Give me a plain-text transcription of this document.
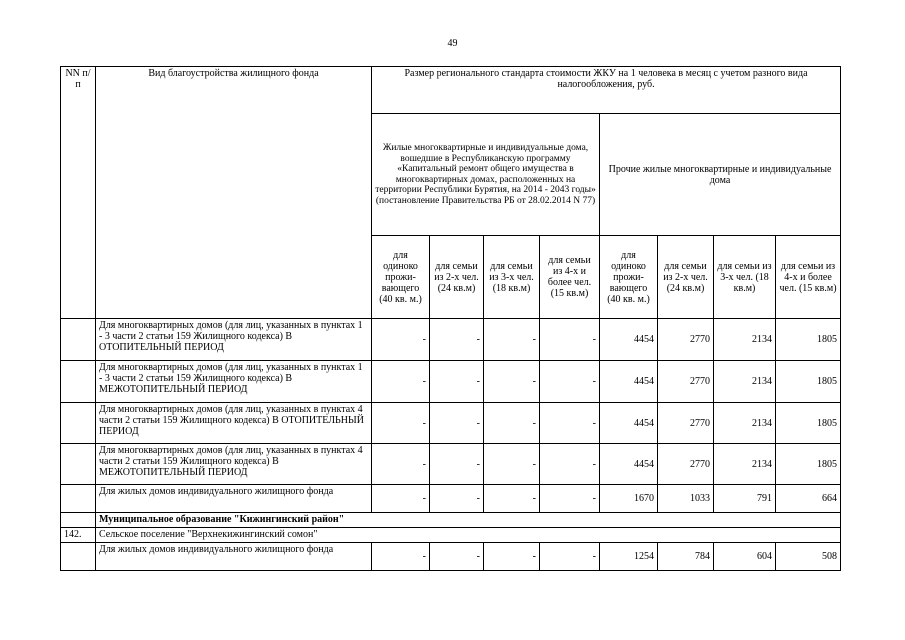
49
NN п/п	Вид благоустройства жилищного фонда	Размер регионального стандарта стоимости ЖКУ на 1 человека в месяц с учетом разного вида налогообложения, руб.							
		Жилые многоквартирные и индивидуальные дома, вошедшие в Республиканскую программу «Капитальный ремонт общего имущества в многоквартирных домах, расположенных на территории Республики Бурятия, на 2014 - 2043 годы» (постановление Правительства РБ от 28.02.2014 N 77)				Прочие жилые многоквартирные и индивидуальные дома			
		для одиноко прожи-вающего (40 кв. м.)	для семьи из 2-х чел. (24 кв.м)	для семьи из 3-х чел. (18 кв.м)	для семьи из 4-х и более чел. (15 кв.м)	для одиноко прожи-вающего (40 кв. м.)	для семьи из 2-х чел. (24 кв.м)	для семьи из 3-х чел. (18 кв.м)	для семьи из 4-х и более чел. (15 кв.м)
	Для многоквартирных домов (для лиц, указанных в пунктах 1 - 3 части 2 статьи 159 Жилищного кодекса) В ОТОПИТЕЛЬНЫЙ ПЕРИОД	-	-	-	-	4454	2770	2134	1805
	Для многоквартирных домов (для лиц, указанных в пунктах 1 - 3 части 2 статьи 159 Жилищного кодекса) В МЕЖОТОПИТЕЛЬНЫЙ ПЕРИОД	-	-	-	-	4454	2770	2134	1805
	Для многоквартирных домов (для лиц, указанных в пунктах 4 части 2 статьи 159 Жилищного кодекса) В ОТОПИТЕЛЬНЫЙ ПЕРИОД	-	-	-	-	4454	2770	2134	1805
	Для многоквартирных домов (для лиц, указанных в пунктах 4 части 2 статьи 159 Жилищного кодекса) В МЕЖОТОПИТЕЛЬНЫЙ ПЕРИОД	-	-	-	-	4454	2770	2134	1805
	Для жилых домов индивидуального жилищного фонда	-	-	-	-	1670	1033	791	664
	Муниципальное образование "Кижингинский район"								
142.	Сельское поселение "Верхнекижингинский сомон"								
	Для жилых домов индивидуального жилищного фонда	-	-	-	-	1254	784	604	508
